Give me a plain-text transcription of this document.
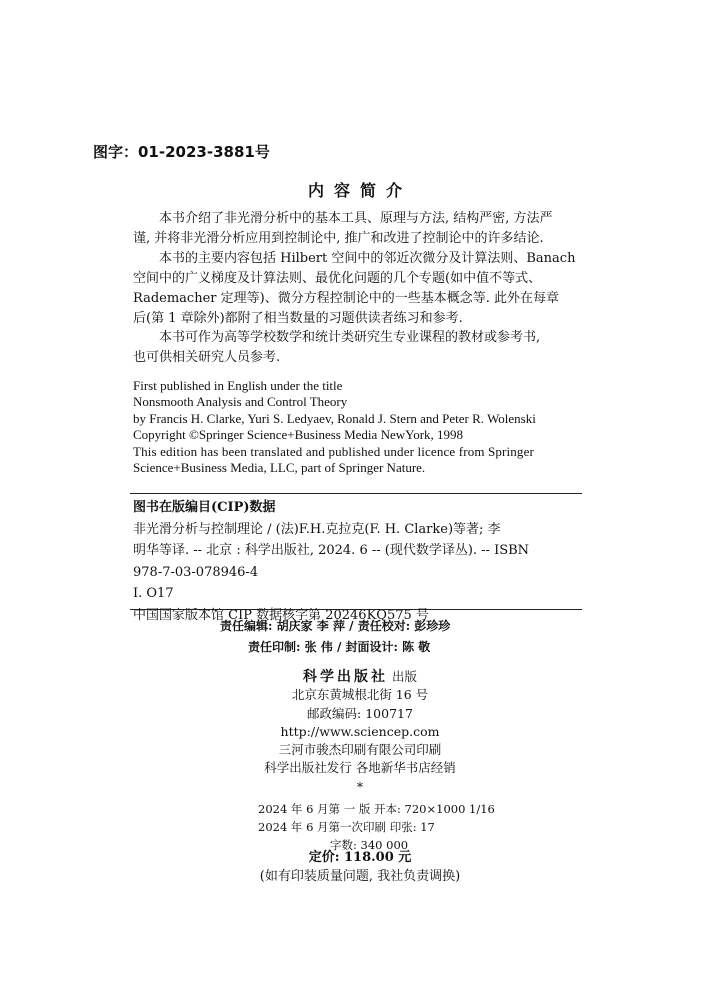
图字：01-2023-3881号
内容简介
本书介绍了非光滑分析中的基本工具、原理与方法, 结构严密, 方法严
谨, 并将非光滑分析应用到控制论中, 推广和改进了控制论中的许多结论.
本书的主要内容包括 Hilbert 空间中的邻近次微分及计算法则、Banach
空间中的广义梯度及计算法则、最优化问题的几个专题(如中值不等式、
Rademacher 定理等)、微分方程控制论中的一些基本概念等. 此外在每章
后(第 1 章除外)都附了相当数量的习题供读者练习和参考.
本书可作为高等学校数学和统计类研究生专业课程的教材或参考书,
也可供相关研究人员参考.
First published in English under the title
Nonsmooth Analysis and Control Theory
by Francis H. Clarke, Yuri S. Ledyaev, Ronald J. Stern and Peter R. Wolenski
Copyright ©Springer Science+Business Media NewYork, 1998
This edition has been translated and published under licence from Springer
Science+Business Media, LLC, part of Springer Nature.
图书在版编目(CIP)数据
非光滑分析与控制理论 / (法)F.H.克拉克(F. H. Clarke)等著; 李
明华等译. -- 北京 : 科学出版社, 2024. 6 -- (现代数学译丛). -- ISBN
978-7-03-078946-4
Ⅰ. O17
中国国家版本馆 CIP 数据核字第 20246KQ575 号
责任编辑: 胡庆家 李 萍 / 责任校对: 彭珍珍
责任印制: 张 伟 / 封面设计: 陈 敬
科学出版社 出版
北京东黄城根北街 16 号
邮政编码: 100717
http://www.sciencep.com
三河市骏杰印刷有限公司印刷
科学出版社发行 各地新华书店经销
*
2024 年 6 月第 一 版 开本: 720×1000 1/16
2024 年 6 月第一次印刷 印张: 17
字数: 340 000
定价: 118.00 元
(如有印装质量问题, 我社负责调换)
